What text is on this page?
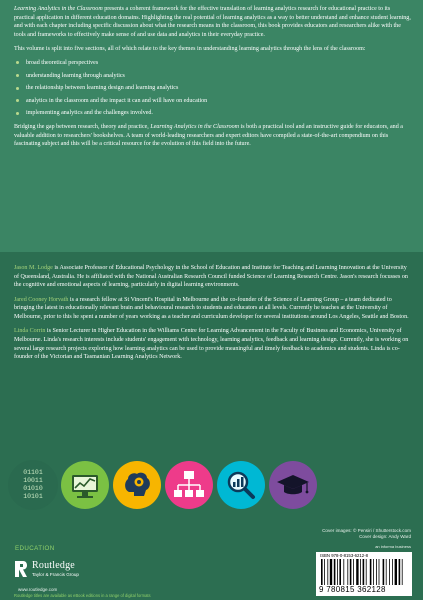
Learning Analytics in the Classroom presents a coherent framework for the effective translation of learning analytics research for educational practice to its practical application in different education domains. Highlighting the real potential of learning analytics as a way to better understand and enhance student learning, and with each chapter including specific discussion about what the research means in the classroom, this book provides educators and researchers alike with the tools and frameworks to effectively make sense of and use data and analytics in their everyday practice.

This volume is split into five sections, all of which relate to the key themes in understanding learning analytics through the lens of the classroom:

broad theoretical perspectives
understanding learning through analytics
the relationship between learning design and learning analytics
analytics in the classroom and the impact it can and will have on education
implementing analytics and the challenges involved.

Bridging the gap between research, theory and practice, Learning Analytics in the Classroom is both a practical tool and an instructive guide for educators, and a valuable addition to researchers' bookshelves. A team of world-leading researchers and expert editors have compiled a state-of-the-art compendium on this fascinating subject and this will be a critical resource for the evolution of this field into the future.

Jason M. Lodge is Associate Professor of Educational Psychology in the School of Education and Institute for Teaching and Learning Innovation at the University of Queensland, Australia. He is affiliated with the National Australian Research Council funded Science of Learning Research Centre. Jason's research focusses on the cognitive and emotional aspects of learning, particularly in digital learning environments.

Jared Cooney Horvath is a research fellow at St Vincent's Hospital in Melbourne and the co-founder of the Science of Learning Group – a team dedicated to bringing the latest in educationally relevant brain and behavioural research to students and educators at all levels. Currently he teaches at the University of Melbourne, prior to this he spent a number of years working as a teacher and curriculum developer for several institutions around Los Angeles, Seattle and Boston.

Linda Corrin is Senior Lecturer in Higher Education in the Williams Centre for Learning Advancement in the Faculty of Business and Economics, University of Melbourne. Linda's research interests include students' engagement with technology, learning analytics, feedback and learning design. Currently, she is working on several large research projects exploring how learning analytics can be used to provide meaningful and timely feedback to academics and students. Linda is co-founder of the Victorian and Tasmanian Learning Analytics Network.

01101
10011
01010
10101
Cover images: © Pensiri / Shutterstock.com
Cover design: Andy Ward
an informa business
EDUCATION
Routledge
Taylor & Francis Group
www.routledge.com
Routledge titles are available as eBook editions in a range of digital formats
ISBN 978-0-8153-6212-8
9 780815 362128
